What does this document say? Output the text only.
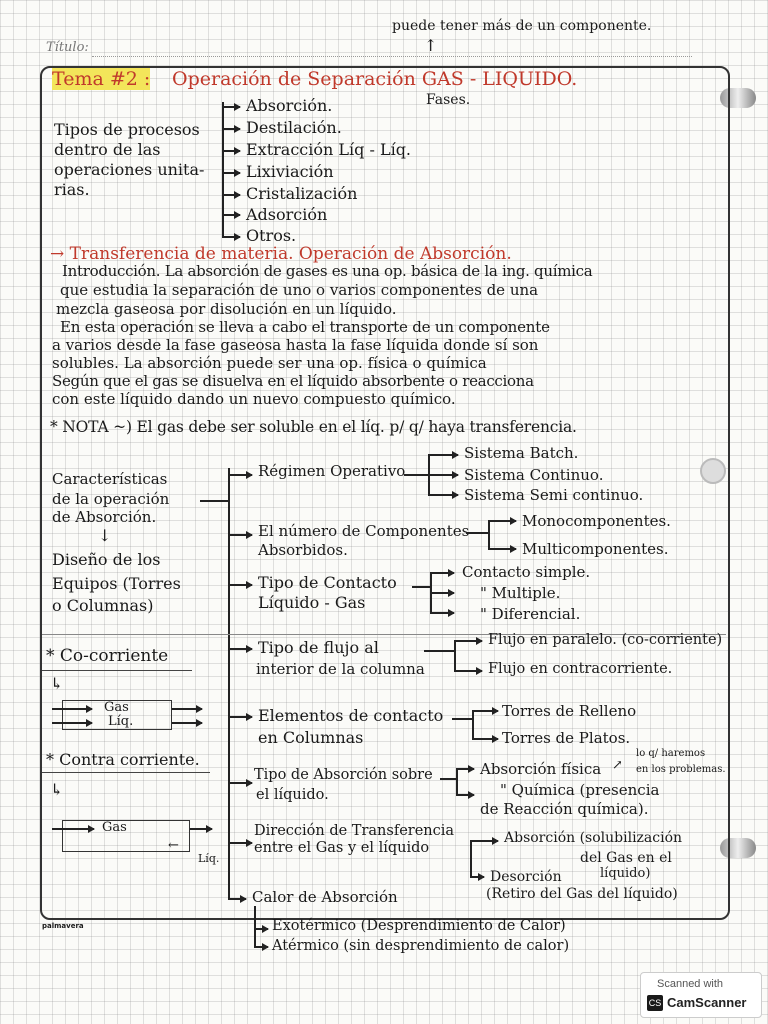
Título:
puede tener más de un componente.
↑
Tema #2 : Operación de Separación GAS - LIQUIDO.
Fases.
Tipos de procesos
dentro de las
operaciones unita-
rias.
Absorción.
Destilación.
Extracción Líq - Líq.
Lixiviación
Cristalización
Adsorción
Otros.
→ Transferencia de materia. Operación de Absorción.
Introducción. La absorción de gases es una op. básica de la ing. química
que estudia la separación de uno o varios componentes de una
mezcla gaseosa por disolución en un líquido.
En esta operación se lleva a cabo el transporte de un componente
a varios desde la fase gaseosa hasta la fase líquida donde sí son
solubles. La absorción puede ser una op. física o química
Según que el gas se disuelva en el líquido absorbente o reacciona
con este líquido dando un nuevo compuesto químico.
* NOTA ~) El gas debe ser soluble en el líq. p/ q/ haya transferencia.
Características
de la operación
de Absorción.
↓
Diseño de los
Equipos (Torres
o Columnas)
Régimen Operativo
Sistema Batch.
Sistema Continuo.
Sistema Semi continuo.
El número de Componentes
Absorbidos.
Monocomponentes.
Multicomponentes.
Tipo de Contacto
Líquido - Gas
Contacto simple.
" Multiple.
" Diferencial.
Tipo de flujo al
interior de la columna
Flujo en paralelo. (co-corriente)
Flujo en contracorriente.
Elementos de contacto
en Columnas
Torres de Relleno
Torres de Platos.
Tipo de Absorción sobre
el líquido.
Absorción física
" Química (presencia
de Reacción química).
↗
lo q/ haremos
en los problemas.
Dirección de Transferencia
entre el Gas y el líquido
Absorción (solubilización
del Gas en el
líquido)
Desorción
(Retiro del Gas del líquido)
Calor de Absorción
Exotérmico (Desprendimiento de Calor)
Atérmico (sin desprendimiento de calor)
* Co-corriente
↳
Gas
Líq.
* Contra corriente.
↳
Gas
←
Líq.
palmavera
Scanned with
CS CamScanner
